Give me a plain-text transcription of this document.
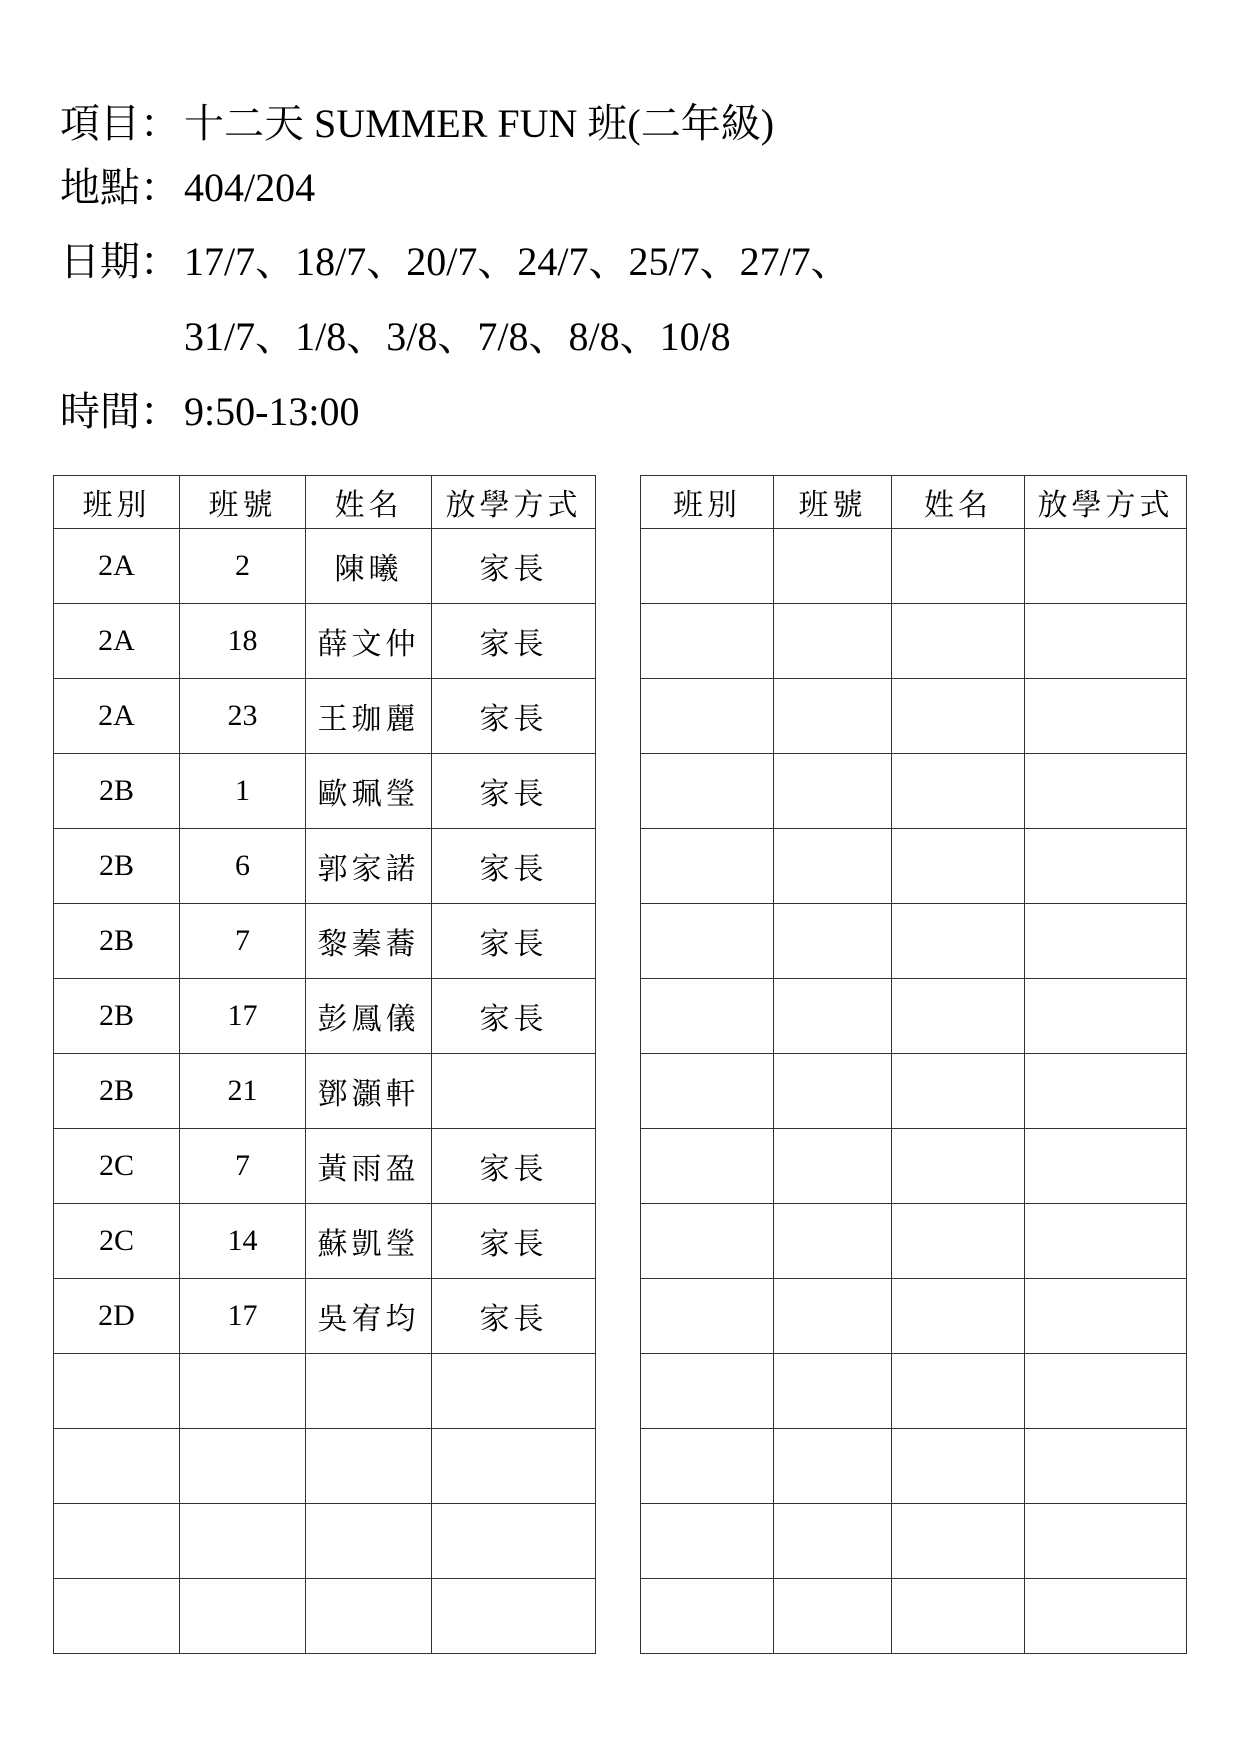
項目： 十二天 SUMMER FUN 班(二年級)
地點： 404/204
日期： 17/7、18/7、20/7、24/7、25/7、27/7、
31/7、1/8、3/8、7/8、8/8、10/8
時間： 9:50-13:00
班別	班號	姓名	放學方式
2A	2	陳曦	家長
2A	18	薛文仲	家長
2A	23	王珈麗	家長
2B	1	歐珮瑩	家長
2B	6	郭家諾	家長
2B	7	黎蓁蕎	家長
2B	17	彭鳳儀	家長
2B	21	鄧灝軒	
2C	7	黃雨盈	家長
2C	14	蘇凱瑩	家長
2D	17	吳宥均	家長

班別	班號	姓名	放學方式
